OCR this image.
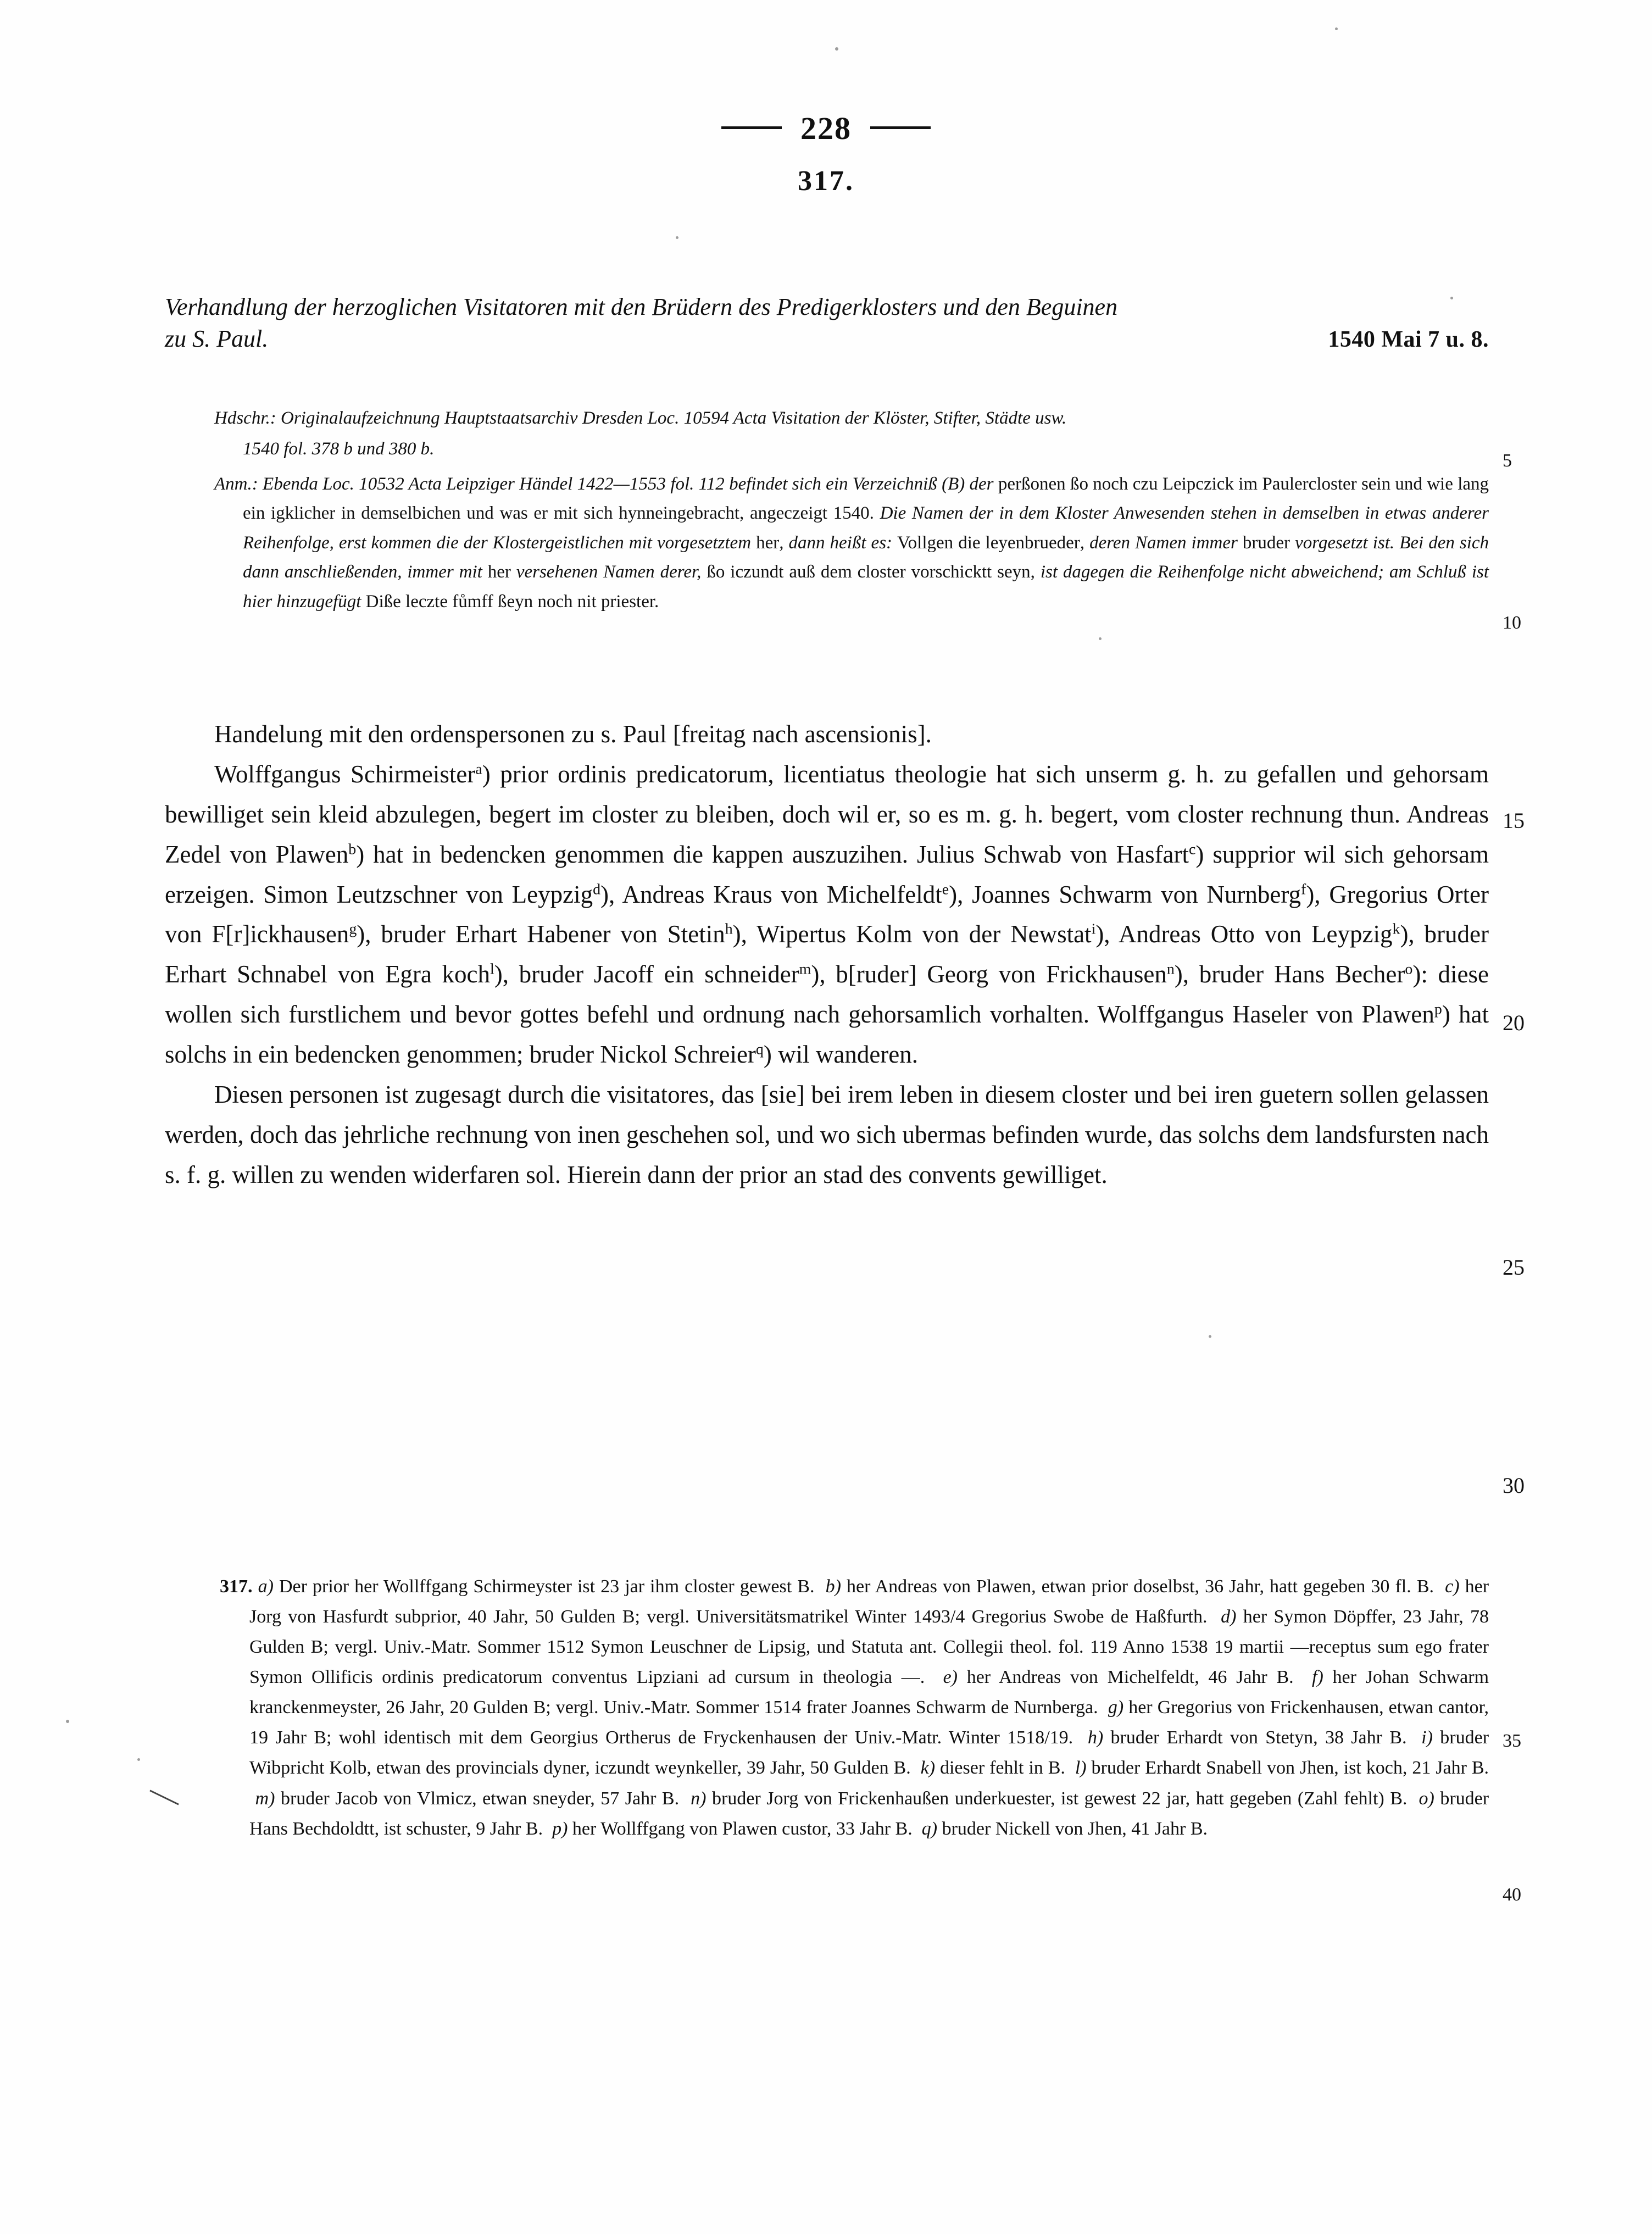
228
317.
Verhandlung der herzoglichen Visitatoren mit den Brüdern des Predigerklosters und den Beguinen
zu S. Paul.	1540 Mai 7 u. 8.

Hdschr.: Originalaufzeichnung Hauptstaatsarchiv Dresden Loc. 10594 Acta Visitation der Klöster, Stifter, Städte usw.

1540 fol. 378 b und 380 b.

Anm.: Ebenda Loc. 10532 Acta Leipziger Händel 1422—1553 fol. 112 befindet sich ein Verzeichniß (B) der perßonen ßo noch czu Leipczick im Paulercloster sein und wie lang ein igklicher in demselbichen und was er mit sich hynneingebracht, angeczeigt 1540. Die Namen der in dem Kloster Anwesenden stehen in demselben in etwas anderer Reihenfolge, erst kommen die der Klostergeistlichen mit vorgesetztem her, dann heißt es: Vollgen die leyenbrueder, deren Namen immer bruder vorgesetzt ist. Bei den sich dann anschließenden, immer mit her versehenen Namen derer, ßo iczundt auß dem closter vorschicktt seyn, ist dagegen die Reihenfolge nicht abweichend; am Schluß ist hier hinzugefügt Diße leczte fůmff ßeyn noch nit priester.

Handelung mit den ordenspersonen zu s. Paul [freitag nach ascensionis].

Wolffgangus Schirmeister$^a$) prior ordinis predicatorum, licentiatus theologie hat sich unserm g. h. zu gefallen und gehorsam bewilliget sein kleid abzulegen, begert im closter zu bleiben, doch wil er, so es m. g. h. begert, vom closter rechnung thun. Andreas Zedel von Plawen$^b$) hat in bedencken genommen die kappen auszuzihen. Julius Schwab von Hasfart$^c$) supprior wil sich gehorsam erzeigen. Simon Leutzschner von Leypzig$^d$), Andreas Kraus von Michelfeldt$^e$), Joannes Schwarm von Nurnberg$^f$), Gregorius Orter von F[r]ickhausen$^g$), bruder Erhart Habener von Stetin$^h$), Wipertus Kolm von der Newstat$^i$), Andreas Otto von Leypzig$^k$), bruder Erhart Schnabel von Egra koch$^l$), bruder Jacoff ein schneider$^m$), b[ruder] Georg von Frickhausen$^n$), bruder Hans Becher$^o$): diese wollen sich furstlichem und bevor gottes befehl und ordnung nach gehorsamlich vorhalten. Wolffgangus Haseler von Plawen$^p$) hat solchs in ein bedencken genommen; bruder Nickol Schreier$^q$) wil wanderen.

Diesen personen ist zugesagt durch die visitatores, das [sie] bei irem leben in diesem closter und bei iren guetern sollen gelassen werden, doch das jehrliche rechnung von inen geschehen sol, und wo sich ubermas befinden wurde, das solchs dem landsfursten nach s. f. g. willen zu wenden widerfaren sol. Hierein dann der prior an stad des convents gewilliget.

317. a) Der prior her Wollffgang Schirmeyster ist 23 jar ihm closter gewest B. b) her Andreas von Plawen, etwan prior doselbst, 36 Jahr, hatt gegeben 30 fl. B. c) her Jorg von Hasfurdt subprior, 40 Jahr, 50 Gulden B; vergl. Universitätsmatrikel Winter 1493/4 Gregorius Swobe de Haßfurth. d) her Symon Döpffer, 23 Jahr, 78 Gulden B; vergl. Univ.-Matr. Sommer 1512 Symon Leuschner de Lipsig, und Statuta ant. Collegii theol. fol. 119 Anno 1538 19 martii —receptus sum ego frater Symon Ollificis ordinis predicatorum conventus Lipziani ad cursum in theologia —. e) her Andreas von Michelfeldt, 46 Jahr B. f) her Johan Schwarm kranckenmeyster, 26 Jahr, 20 Gulden B; vergl. Univ.-Matr. Sommer 1514 frater Joannes Schwarm de Nurnberga. g) her Gregorius von Frickenhausen, etwan cantor, 19 Jahr B; wohl identisch mit dem Georgius Ortherus de Fryckenhausen der Univ.-Matr. Winter 1518/19. h) bruder Erhardt von Stetyn, 38 Jahr B. i) bruder Wibpricht Kolb, etwan des provincials dyner, iczundt weynkeller, 39 Jahr, 50 Gulden B. k) dieser fehlt in B. l) bruder Erhardt Snabell von Jhen, ist koch, 21 Jahr B.  m) bruder Jacob von Vlmicz, etwan sneyder, 57 Jahr B. n) bruder Jorg von Frickenhaußen underkuester, ist gewest 22 jar, hatt gegeben (Zahl fehlt) B. o) bruder Hans Bechdoldtt, ist schuster, 9 Jahr B. p) her Wollffgang von Plawen custor, 33 Jahr B. q) bruder Nickell von Jhen, 41 Jahr B.

5
10
15
20
25
30
35
40
